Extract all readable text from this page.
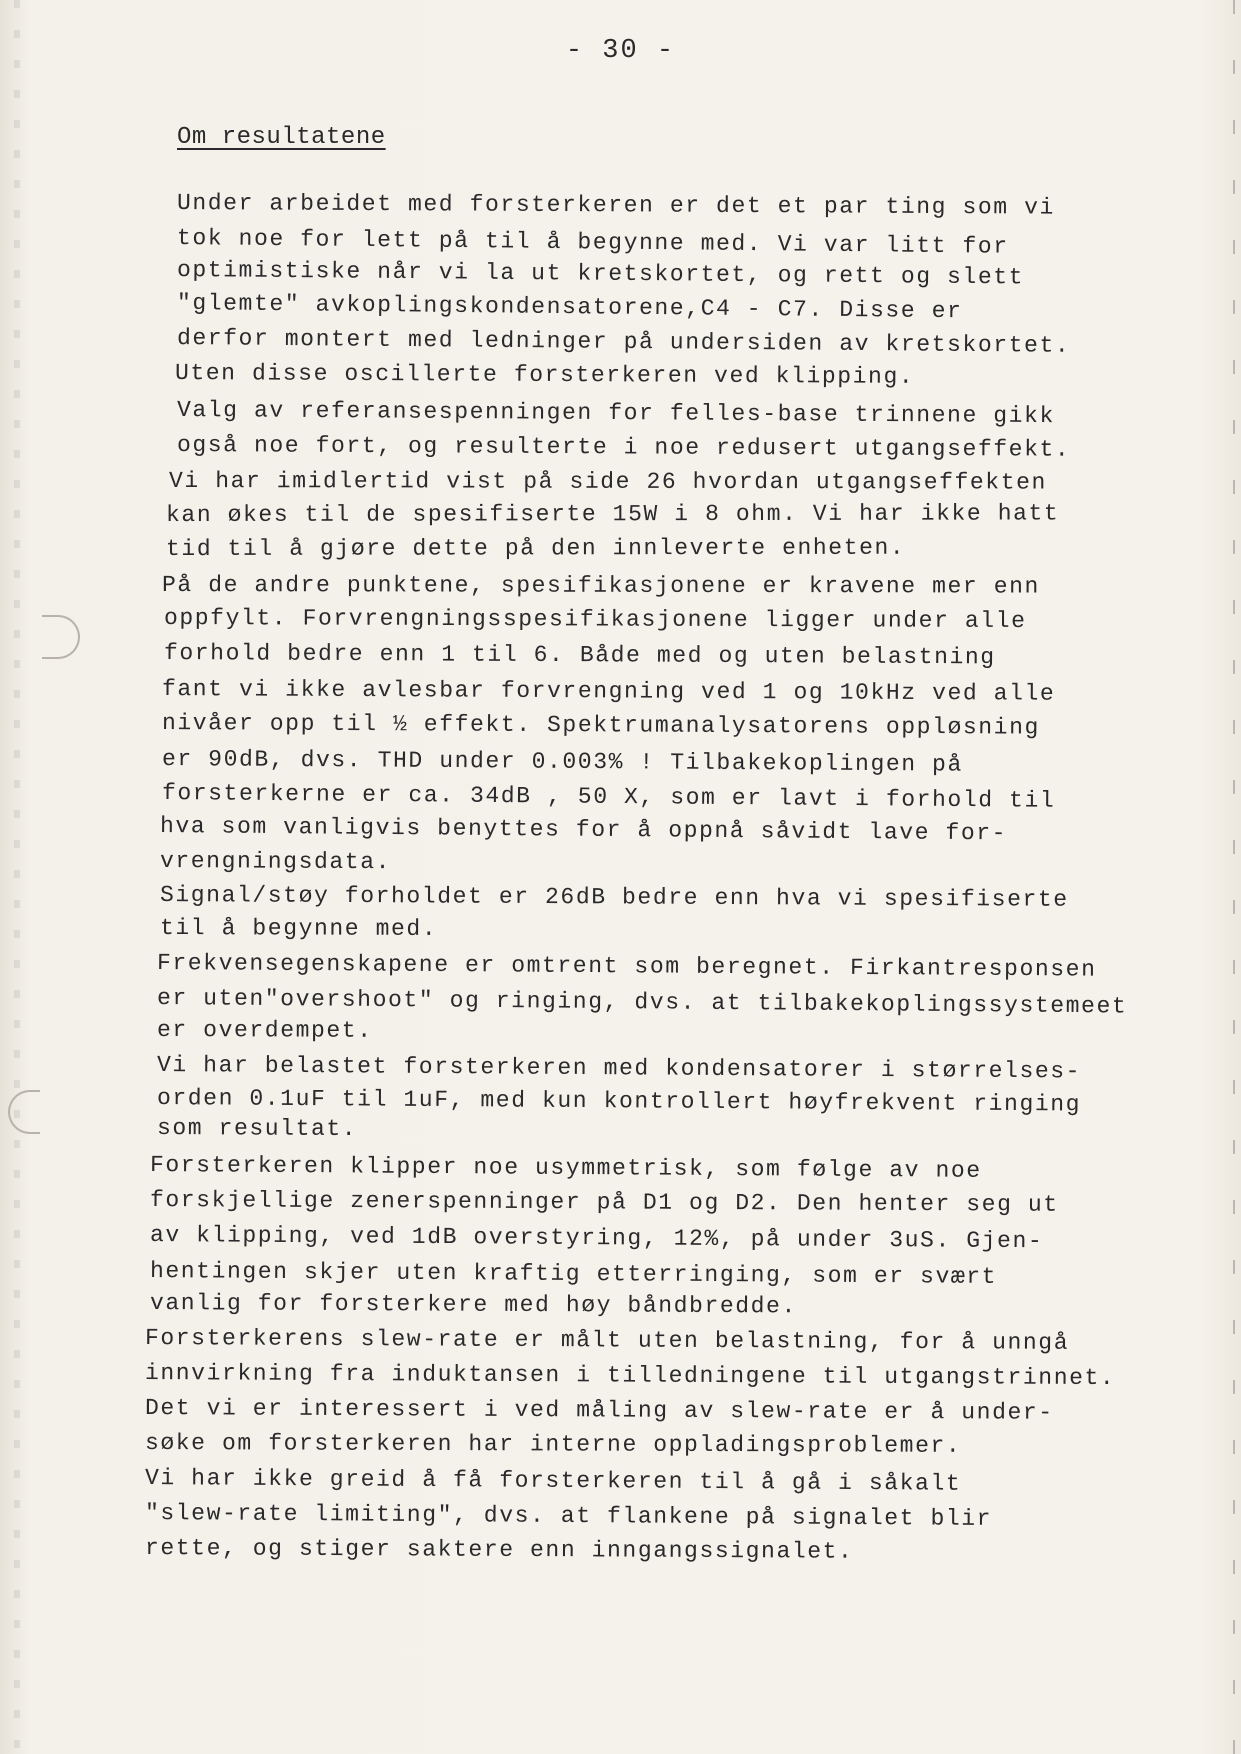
- 30 -
Om resultatene
Under arbeidet med forsterkeren er det et par ting som vi
tok noe for lett på til å begynne med. Vi var litt for
optimistiske når vi la ut kretskortet, og rett og slett
"glemte" avkoplingskondensatorene,C4 - C7. Disse er
derfor montert med ledninger på undersiden av kretskortet.
Uten disse oscillerte forsterkeren ved klipping.
Valg av referansespenningen for felles-base trinnene gikk
også noe fort, og resulterte i noe redusert utgangseffekt.
Vi har imidlertid vist på side 26 hvordan utgangseffekten
kan økes til de spesifiserte 15W i 8 ohm. Vi har ikke hatt
tid til å gjøre dette på den innleverte enheten.
På de andre punktene, spesifikasjonene er kravene mer enn
oppfylt. Forvrengningsspesifikasjonene ligger under alle
forhold bedre enn 1 til 6. Både med og uten belastning
fant vi ikke avlesbar forvrengning ved 1 og 10kHz ved alle
nivåer opp til ½ effekt. Spektrumanalysatorens oppløsning
er 90dB, dvs. THD under 0.003% ! Tilbakekoplingen på
forsterkerne er ca. 34dB , 50 X, som er lavt i forhold til
hva som vanligvis benyttes for å oppnå såvidt lave for-
vrengningsdata.
Signal/støy forholdet er 26dB bedre enn hva vi spesifiserte
til å begynne med.
Frekvensegenskapene er omtrent som beregnet. Firkantresponsen
er uten"overshoot" og ringing, dvs. at tilbakekoplingssystemeet
er overdempet.
Vi har belastet forsterkeren med kondensatorer i størrelses-
orden 0.1uF til 1uF, med kun kontrollert høyfrekvent ringing
som resultat.
Forsterkeren klipper noe usymmetrisk, som følge av noe
forskjellige zenerspenninger på D1 og D2. Den henter seg ut
av klipping, ved 1dB overstyring, 12%, på under 3uS. Gjen-
hentingen skjer uten kraftig etterringing, som er svært
vanlig for forsterkere med høy båndbredde.
Forsterkerens slew-rate er målt uten belastning, for å unngå
innvirkning fra induktansen i tilledningene til utgangstrinnet.
Det vi er interessert i ved måling av slew-rate er å under-
søke om forsterkeren har interne oppladingsproblemer.
Vi har ikke greid å få forsterkeren til å gå i såkalt
"slew-rate limiting", dvs. at flankene på signalet blir
rette, og stiger saktere enn inngangssignalet.
